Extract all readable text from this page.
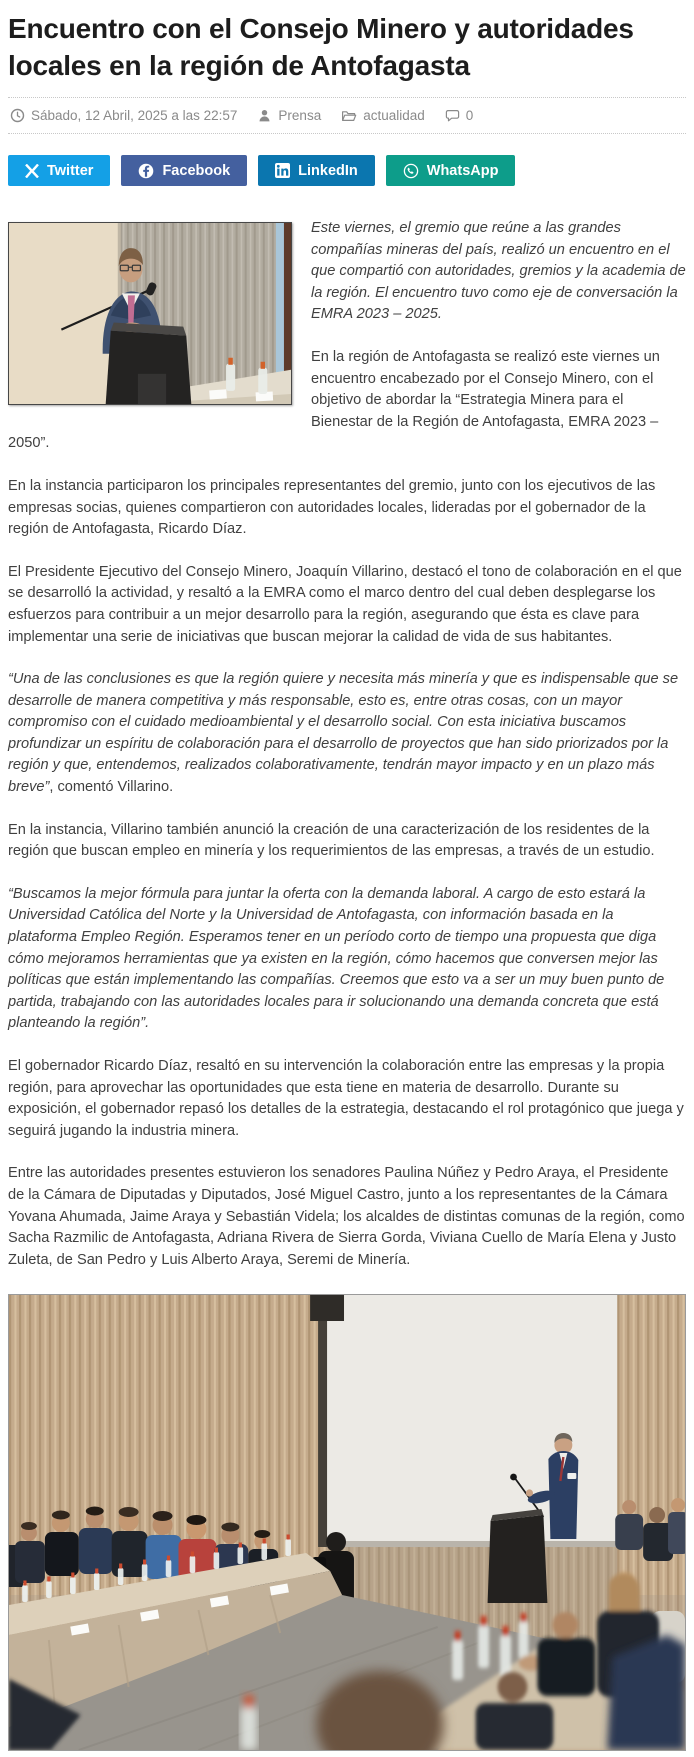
Encuentro con el Consejo Minero y autoridades locales en la región de Antofagasta
Sábado, 12 Abril, 2025 a las 22:57	Prensa	actualidad	0
Twitter	Facebook	LinkedIn	WhatsApp

Este viernes, el gremio que reúne a las grandes compañías mineras del país, realizó un encuentro en el que compartió con autoridades, gremios y la academia de la región. El encuentro tuvo como eje de conversación la EMRA 2023 – 2025.

En la región de Antofagasta se realizó este viernes un encuentro encabezado por el Consejo Minero, con el objetivo de abordar la “Estrategia Minera para el Bienestar de la Región de Antofagasta, EMRA 2023 – 2050”.

En la instancia participaron los principales representantes del gremio, junto con los ejecutivos de las empresas socias, quienes compartieron con autoridades locales, lideradas por el gobernador de la región de Antofagasta, Ricardo Díaz.

El Presidente Ejecutivo del Consejo Minero, Joaquín Villarino, destacó el tono de colaboración en el que se desarrolló la actividad, y resaltó a la EMRA como el marco dentro del cual deben desplegarse los esfuerzos para contribuir a un mejor desarrollo para la región, asegurando que ésta es clave para implementar una serie de iniciativas que buscan mejorar la calidad de vida de sus habitantes.

“Una de las conclusiones es que la región quiere y necesita más minería y que es indispensable que se desarrolle de manera competitiva y más responsable, esto es, entre otras cosas, con un mayor compromiso con el cuidado medioambiental y el desarrollo social. Con esta iniciativa buscamos profundizar un espíritu de colaboración para el desarrollo de proyectos que han sido priorizados por la región y que, entendemos, realizados colaborativamente, tendrán mayor impacto y en un plazo más breve”, comentó Villarino.

En la instancia, Villarino también anunció la creación de una caracterización de los residentes de la región que buscan empleo en minería y los requerimientos de las empresas, a través de un estudio.

“Buscamos la mejor fórmula para juntar la oferta con la demanda laboral. A cargo de esto estará la Universidad Católica del Norte y la Universidad de Antofagasta, con información basada en la plataforma Empleo Región. Esperamos tener en un período corto de tiempo una propuesta que diga cómo mejoramos herramientas que ya existen en la región, cómo hacemos que conversen mejor las políticas que están implementando las compañías. Creemos que esto va a ser un muy buen punto de partida, trabajando con las autoridades locales para ir solucionando una demanda concreta que está planteando la región”.

El gobernador Ricardo Díaz, resaltó en su intervención la colaboración entre las empresas y la propia región, para aprovechar las oportunidades que esta tiene en materia de desarrollo. Durante su exposición, el gobernador repasó los detalles de la estrategia, destacando el rol protagónico que juega y seguirá jugando la industria minera.

Entre las autoridades presentes estuvieron los senadores Paulina Núñez y Pedro Araya, el Presidente de la Cámara de Diputadas y Diputados, José Miguel Castro, junto a los representantes de la Cámara Yovana Ahumada, Jaime Araya y Sebastián Videla; los alcaldes de distintas comunas de la región, como Sacha Razmilic de Antofagasta, Adriana Rivera de Sierra Gorda, Viviana Cuello de María Elena y Justo Zuleta, de San Pedro y Luis Alberto Araya, Seremi de Minería.
